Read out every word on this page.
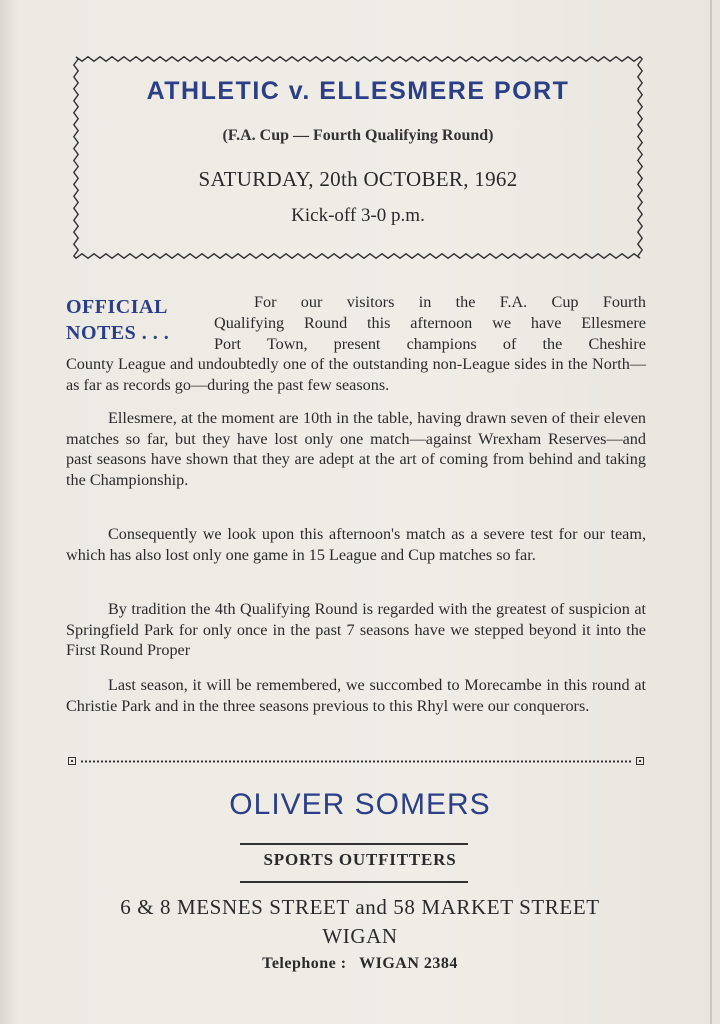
ATHLETIC v. ELLESMERE PORT
(F.A. Cup — Fourth Qualifying Round)
SATURDAY, 20th OCTOBER, 1962
Kick-off 3-0 p.m.
OFFICIAL
NOTES . . .
For our visitors in the F.A. Cup Fourth
Qualifying Round this afternoon we have Ellesmere
Port Town, present champions of the Cheshire
County League and undoubtedly one of the outstanding non-League sides in the North—as far as records go—during the past few seasons.
Ellesmere, at the moment are 10th in the table, having drawn seven of their eleven matches so far, but they have lost only one match—against Wrexham Reserves—and past seasons have shown that they are adept at the art of coming from behind and taking the Championship.
Consequently we look upon this afternoon's match as a severe test for our team, which has also lost only one game in 15 League and Cup matches so far.
By tradition the 4th Qualifying Round is regarded with the greatest of suspicion at Springfield Park for only once in the past 7 seasons have we stepped beyond it into the First Round Proper
Last season, it will be remembered, we succombed to Morecambe in this round at Christie Park and in the three seasons previous to this Rhyl were our conquerors.
OLIVER SOMERS
SPORTS OUTFITTERS
6 & 8 MESNES STREET and 58 MARKET STREET
WIGAN
Telephone : WIGAN 2384
